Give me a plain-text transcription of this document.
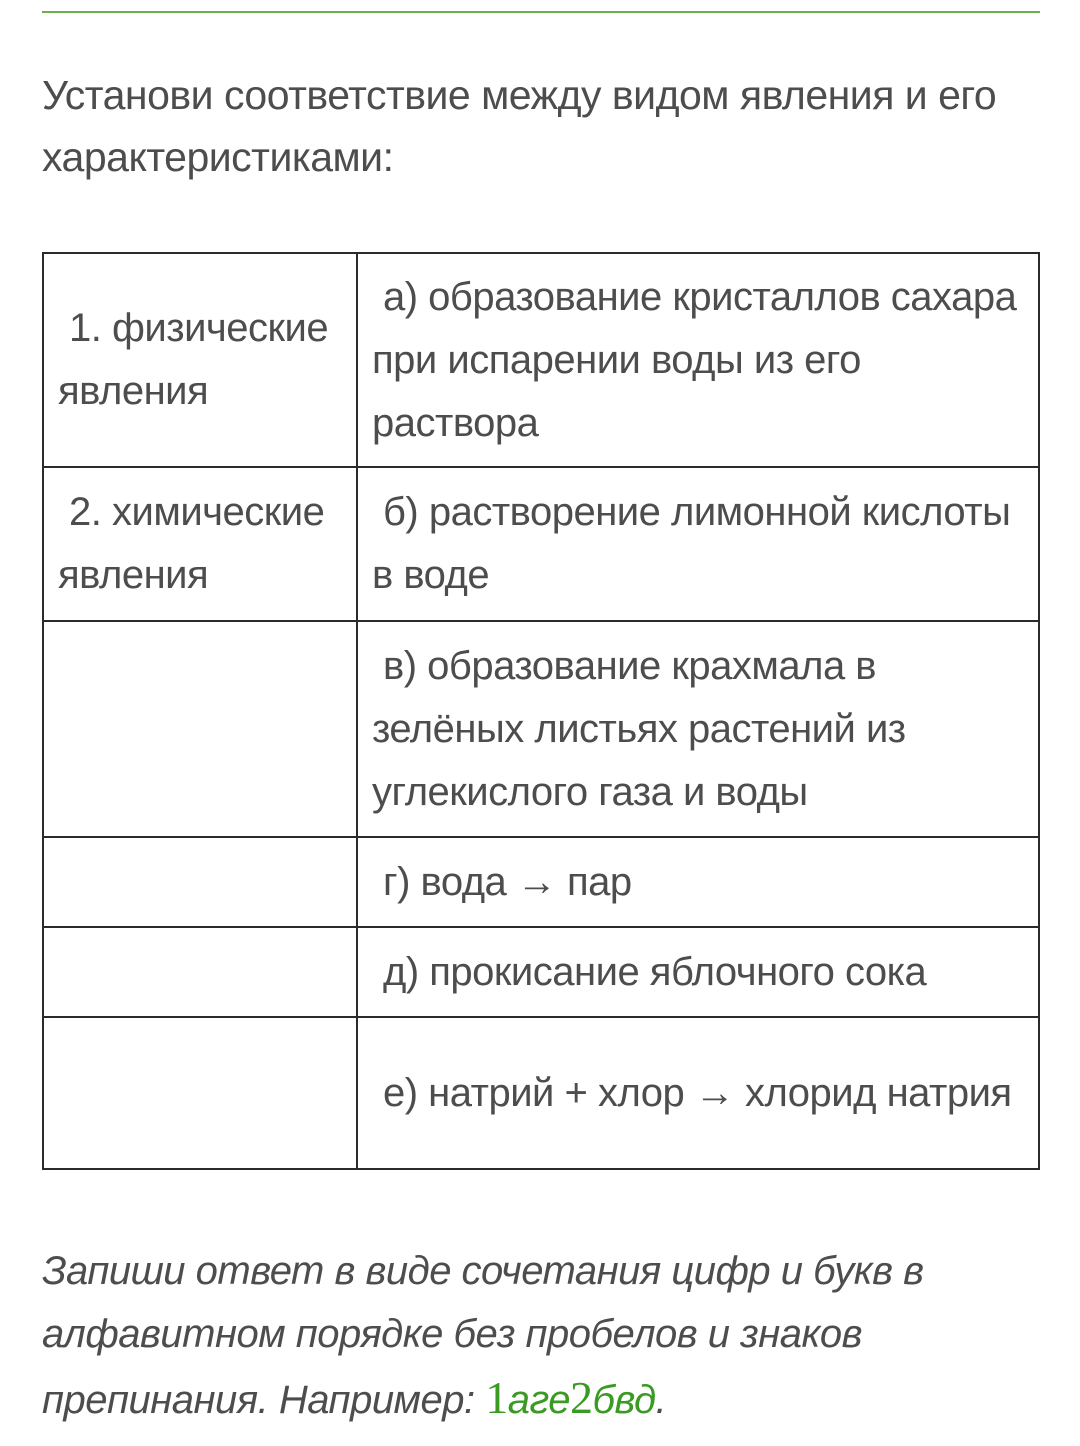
Установи соответствие между видом явления и его характеристиками:

1. физические явления	а) образование кристаллов сахара при испарении воды из его раствора
2. химические явления	б) растворение лимонной кислоты в воде
	в) образование крахмала в зелёных листьях растений из углекислого газа и воды
	г) вода → пар
	д) прокисание яблочного сока
	е) натрий + хлор → хлорид натрия

Запиши ответ в виде сочетания цифр и букв в алфавитном порядке без пробелов и знаков препинания. Например: 1аге2бвд.
